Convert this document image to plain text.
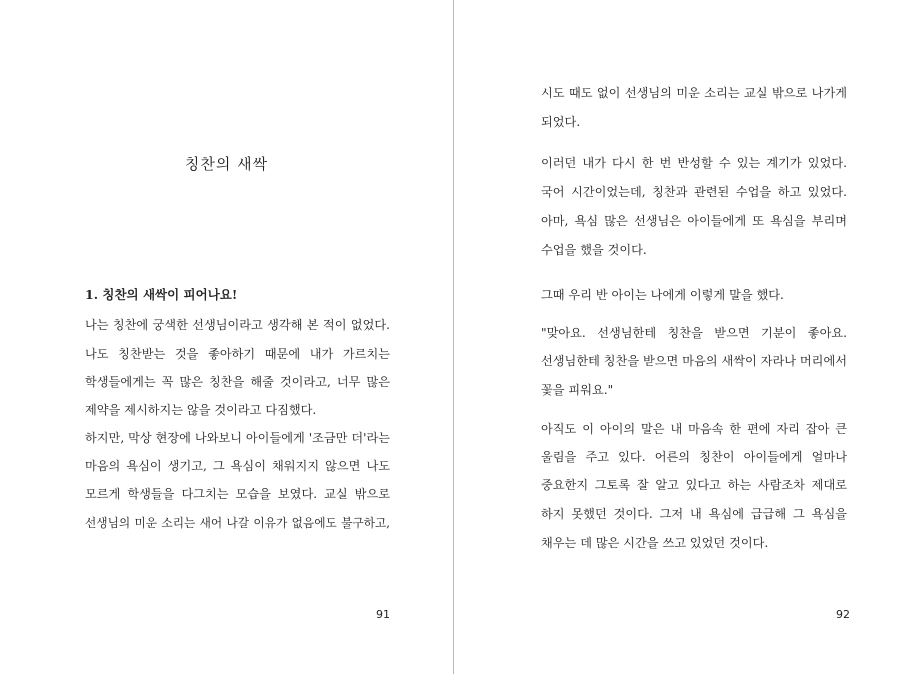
칭찬의 새싹
1. 칭찬의 새싹이 피어나요!
나는 칭찬에 궁색한 선생님이라고 생각해 본 적이 없었다.
나도 칭찬받는 것을 좋아하기 때문에 내가 가르치는
학생들에게는 꼭 많은 칭찬을 해줄 것이라고, 너무 많은
제약을 제시하지는 않을 것이라고 다짐했다.
하지만, 막상 현장에 나와보니 아이들에게 '조금만 더'라는
마음의 욕심이 생기고, 그 욕심이 채워지지 않으면 나도
모르게 학생들을 다그치는 모습을 보였다. 교실 밖으로
선생님의 미운 소리는 새어 나갈 이유가 없음에도 불구하고,
91
시도 때도 없이 선생님의 미운 소리는 교실 밖으로 나가게
되었다.
이러던 내가 다시 한 번 반성할 수 있는 계기가 있었다.
국어 시간이었는데, 칭찬과 관련된 수업을 하고 있었다.
아마, 욕심 많은 선생님은 아이들에게 또 욕심을 부리며
수업을 했을 것이다.
그때 우리 반 아이는 나에게 이렇게 말을 했다.
"맞아요. 선생님한테 칭찬을 받으면 기분이 좋아요.
선생님한테 칭찬을 받으면 마음의 새싹이 자라나 머리에서
꽃을 피워요."
아직도 이 아이의 말은 내 마음속 한 편에 자리 잡아 큰
울림을 주고 있다. 어른의 칭찬이 아이들에게 얼마나
중요한지 그토록 잘 알고 있다고 하는 사람조차 제대로
하지 못했던 것이다. 그저 내 욕심에 급급해 그 욕심을
채우는 데 많은 시간을 쓰고 있었던 것이다.
92
